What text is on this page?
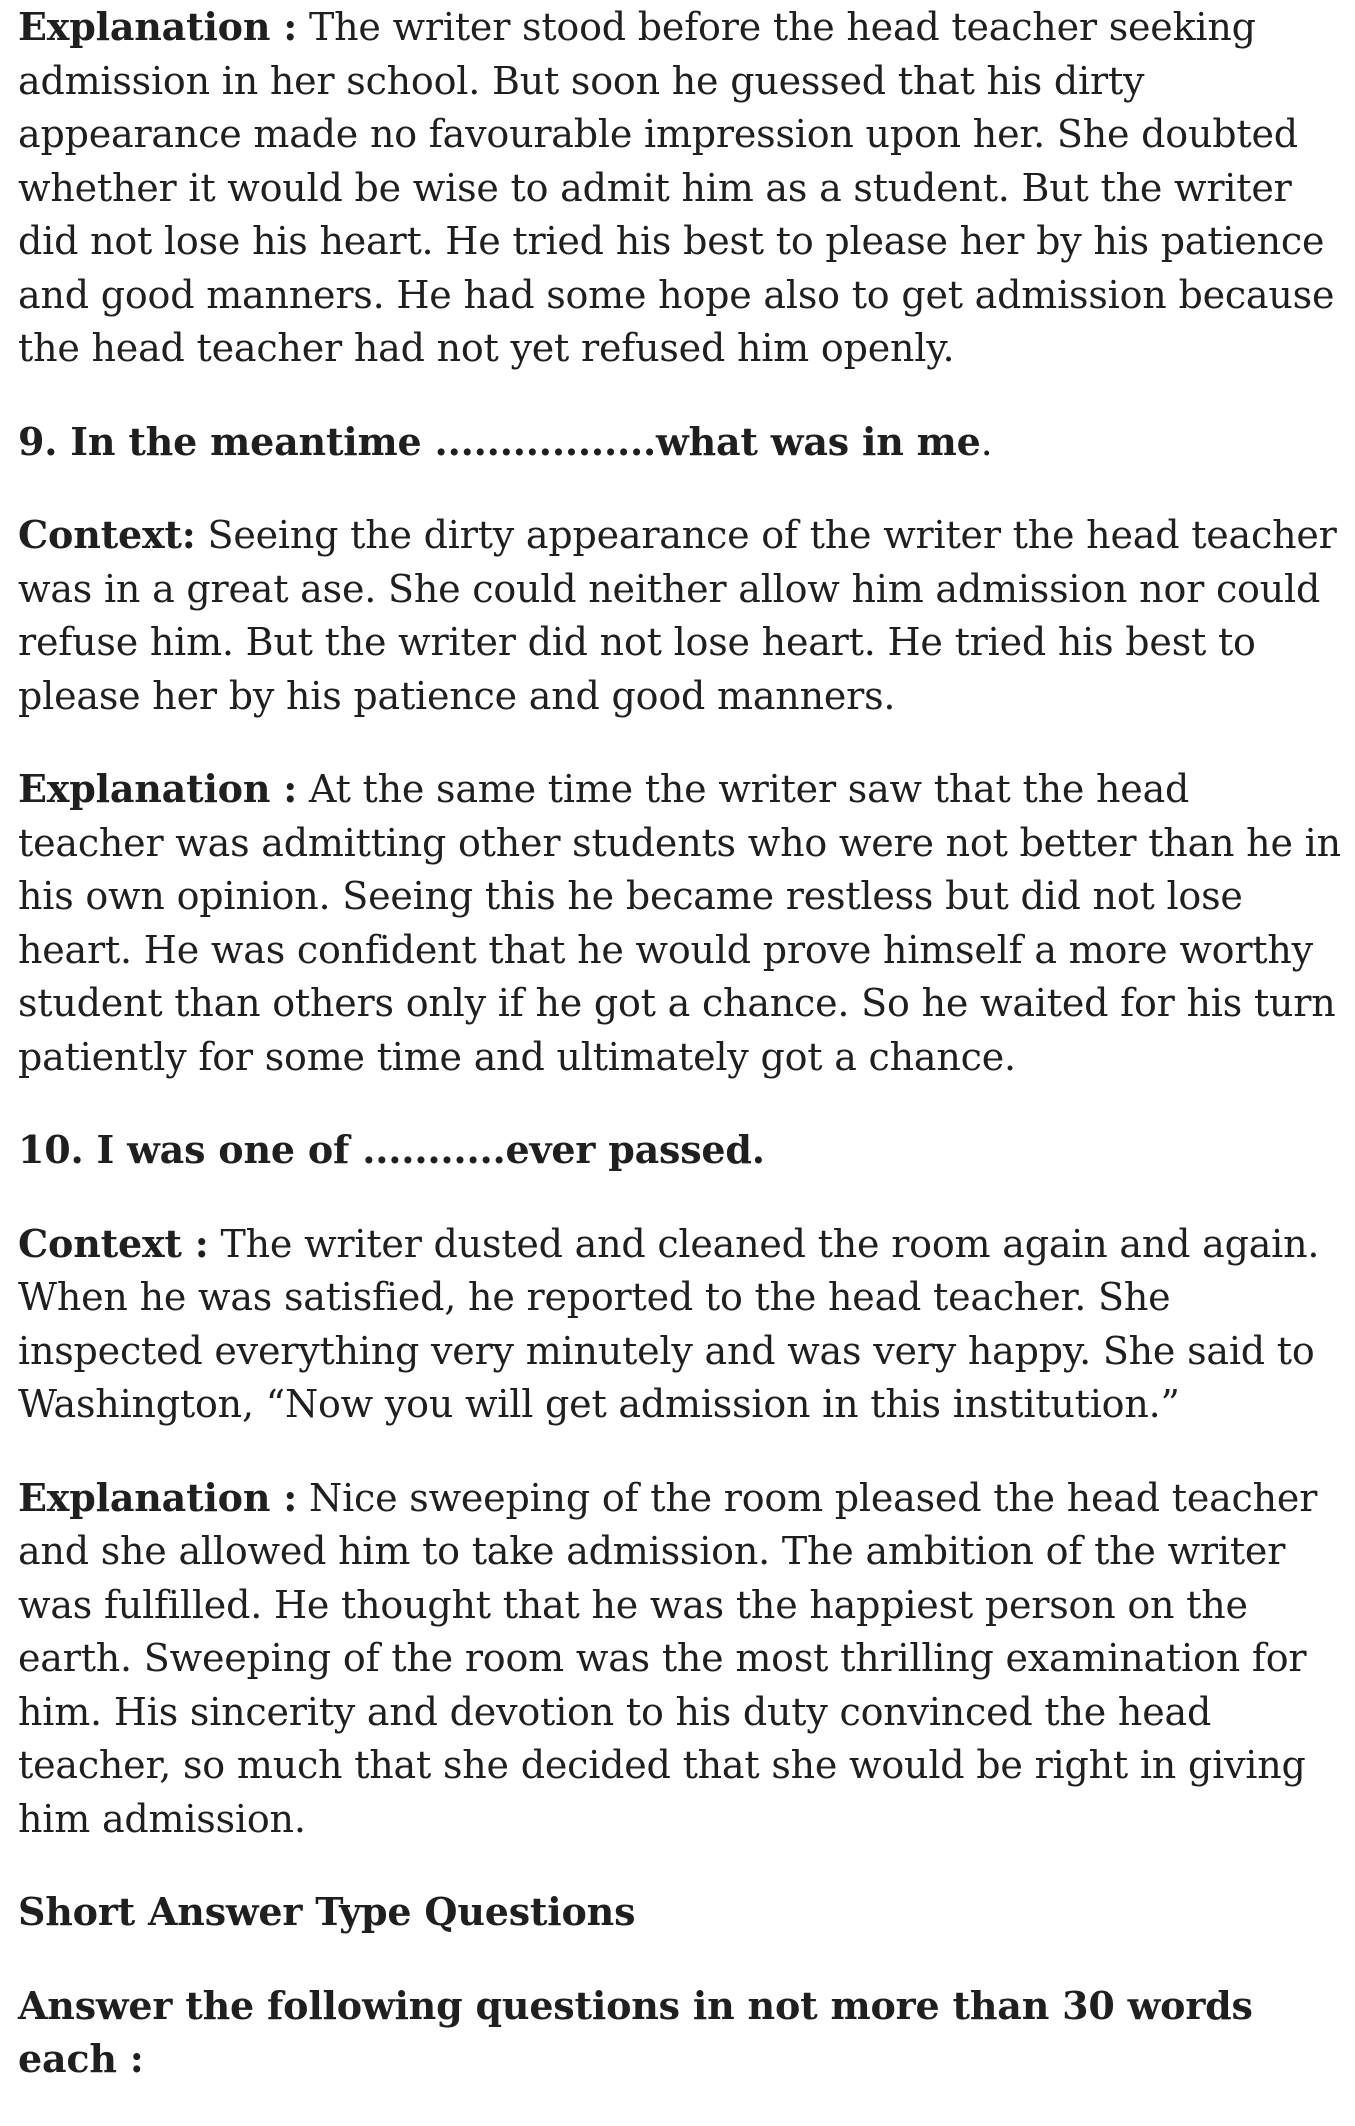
Explanation : The writer stood before the head teacher seeking admission in her school. But soon he guessed that his dirty appearance made no favourable impression upon her. She doubted whether it would be wise to admit him as a student. But the writer did not lose his heart. He tried his best to please her by his patience and good manners. He had some hope also to get admission because the head teacher had not yet refused him openly.

9. In the meantime .................what was in me.

Context: Seeing the dirty appearance of the writer the head teacher was in a great ase. She could neither allow him admission nor could refuse him. But the writer did not lose heart. He tried his best to please her by his patience and good manners.

Explanation : At the same time the writer saw that the head teacher was admitting other students who were not better than he in his own opinion. Seeing this he became restless but did not lose heart. He was confident that he would prove himself a more worthy student than others only if he got a chance. So he waited for his turn patiently for some time and ultimately got a chance.

10. I was one of ...........ever passed.

Context : The writer dusted and cleaned the room again and again. When he was satisfied, he reported to the head teacher. She inspected everything very minutely and was very happy. She said to Washington, “Now you will get admission in this institution.”

Explanation : Nice sweeping of the room pleased the head teacher and she allowed him to take admission. The ambition of the writer was fulfilled. He thought that he was the happiest person on the earth. Sweeping of the room was the most thrilling examination for him. His sincerity and devotion to his duty convinced the head teacher, so much that she decided that she would be right in giving him admission.

Short Answer Type Questions

Answer the following questions in not more than 30 words each :
